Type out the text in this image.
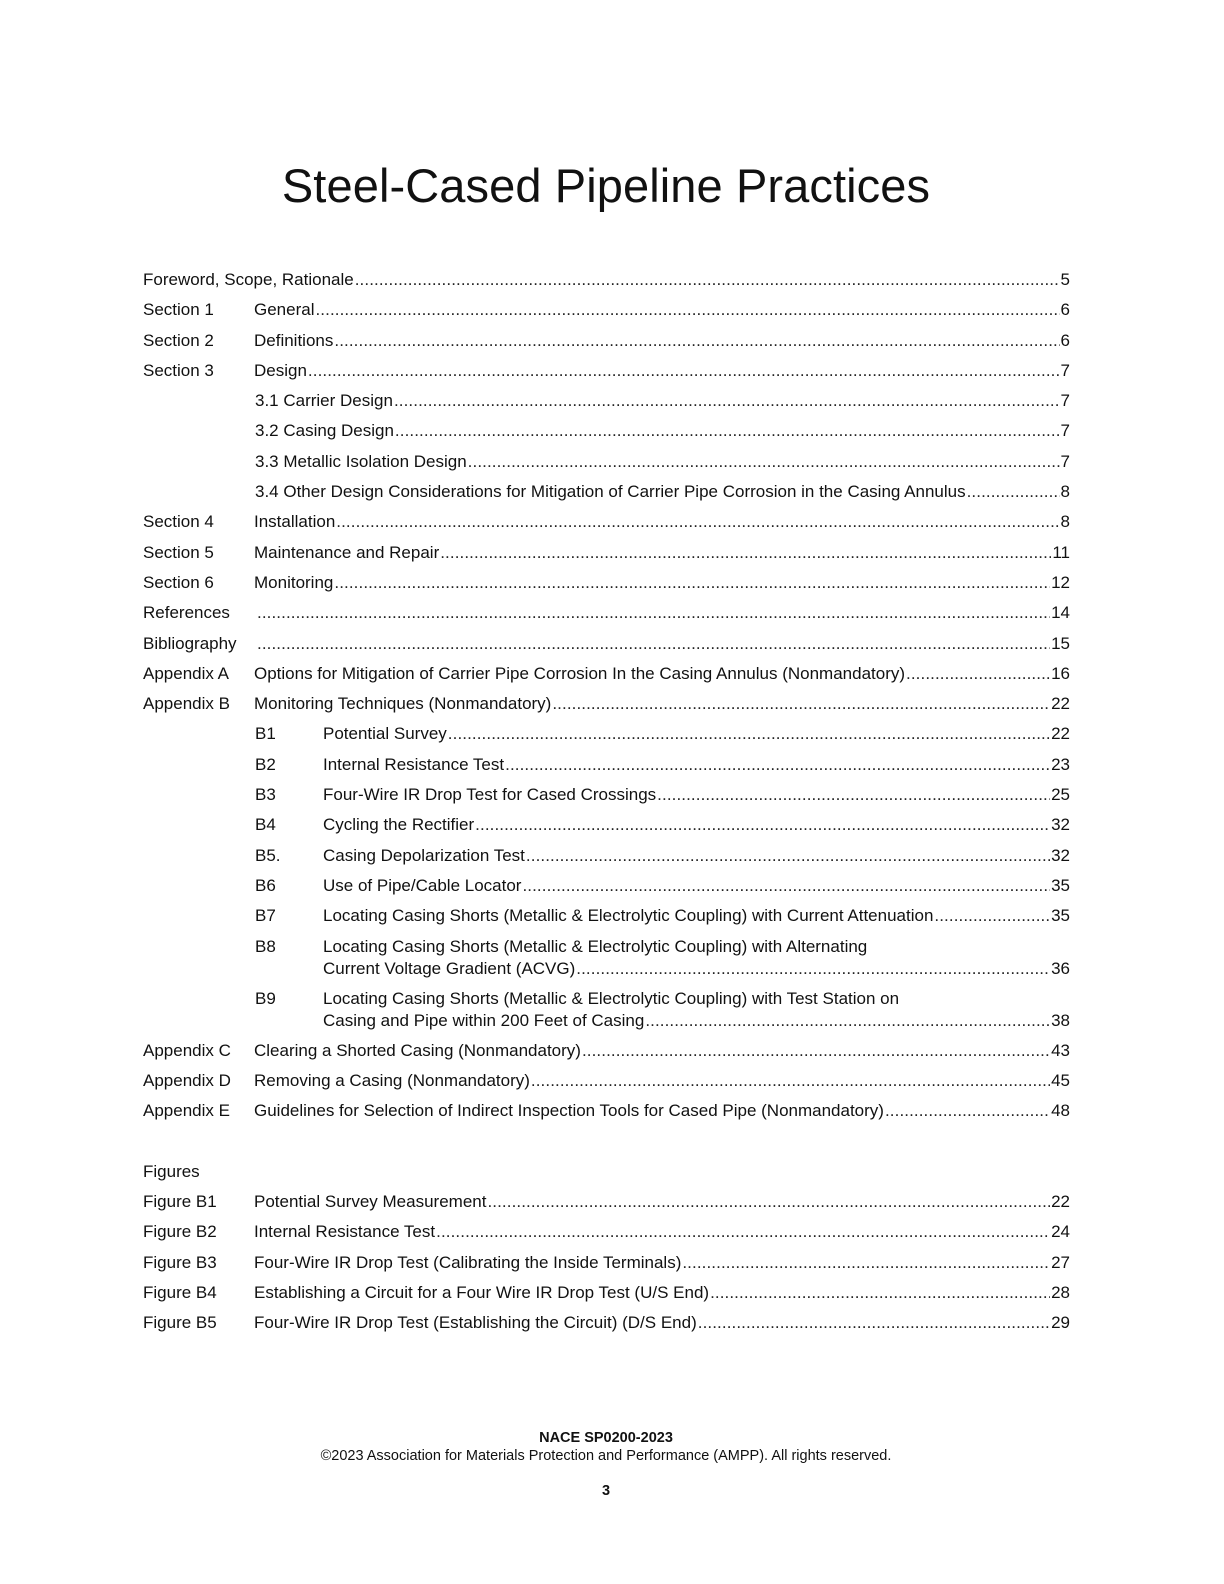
Steel-Cased Pipeline Practices
Foreword, Scope, Rationale .....	5
Section 1 General .....	6
Section 2 Definitions .....	6
Section 3 Design .....	7
3.1 Carrier Design .....	7
3.2 Casing Design .....	7
3.3 Metallic Isolation Design .....	7
3.4 Other Design Considerations for Mitigation of Carrier Pipe Corrosion in the Casing Annulus .....	8
Section 4 Installation .....	8
Section 5 Maintenance and Repair .....	11
Section 6 Monitoring .....	12
References .....	14
Bibliography .....	15
Appendix A Options for Mitigation of Carrier Pipe Corrosion In the Casing Annulus (Nonmandatory) .....	16
Appendix B Monitoring Techniques (Nonmandatory) .....	22
B1	Potential Survey .....	22
B2	Internal Resistance Test .....	23
B3	Four-Wire IR Drop Test for Cased Crossings .....	25
B4	Cycling the Rectifier .....	32
B5. Casing Depolarization Test .....	32
B6	Use of Pipe/Cable Locator .....	35
B7	Locating Casing Shorts (Metallic & Electrolytic Coupling) with Current Attenuation .....	35
B8	Locating Casing Shorts (Metallic & Electrolytic Coupling) with Alternating
Current Voltage Gradient (ACVG) .....	36
B9	Locating Casing Shorts (Metallic & Electrolytic Coupling) with Test Station on
Casing and Pipe within 200 Feet of Casing .....	38
Appendix C Clearing a Shorted Casing (Nonmandatory) .....	43
Appendix D Removing a Casing (Nonmandatory) .....	45
Appendix E Guidelines for Selection of Indirect Inspection Tools for Cased Pipe (Nonmandatory) .....	48
Figures
Figure B1 Potential Survey Measurement .....	22
Figure B2 Internal Resistance Test .....	24
Figure B3 Four-Wire IR Drop Test (Calibrating the Inside Terminals) .....	27
Figure B4 Establishing a Circuit for a Four Wire IR Drop Test (U/S End) .....	28
Figure B5 Four-Wire IR Drop Test (Establishing the Circuit) (D/S End) .....	29
NACE SP0200-2023
©2023 Association for Materials Protection and Performance (AMPP). All rights reserved.
3
